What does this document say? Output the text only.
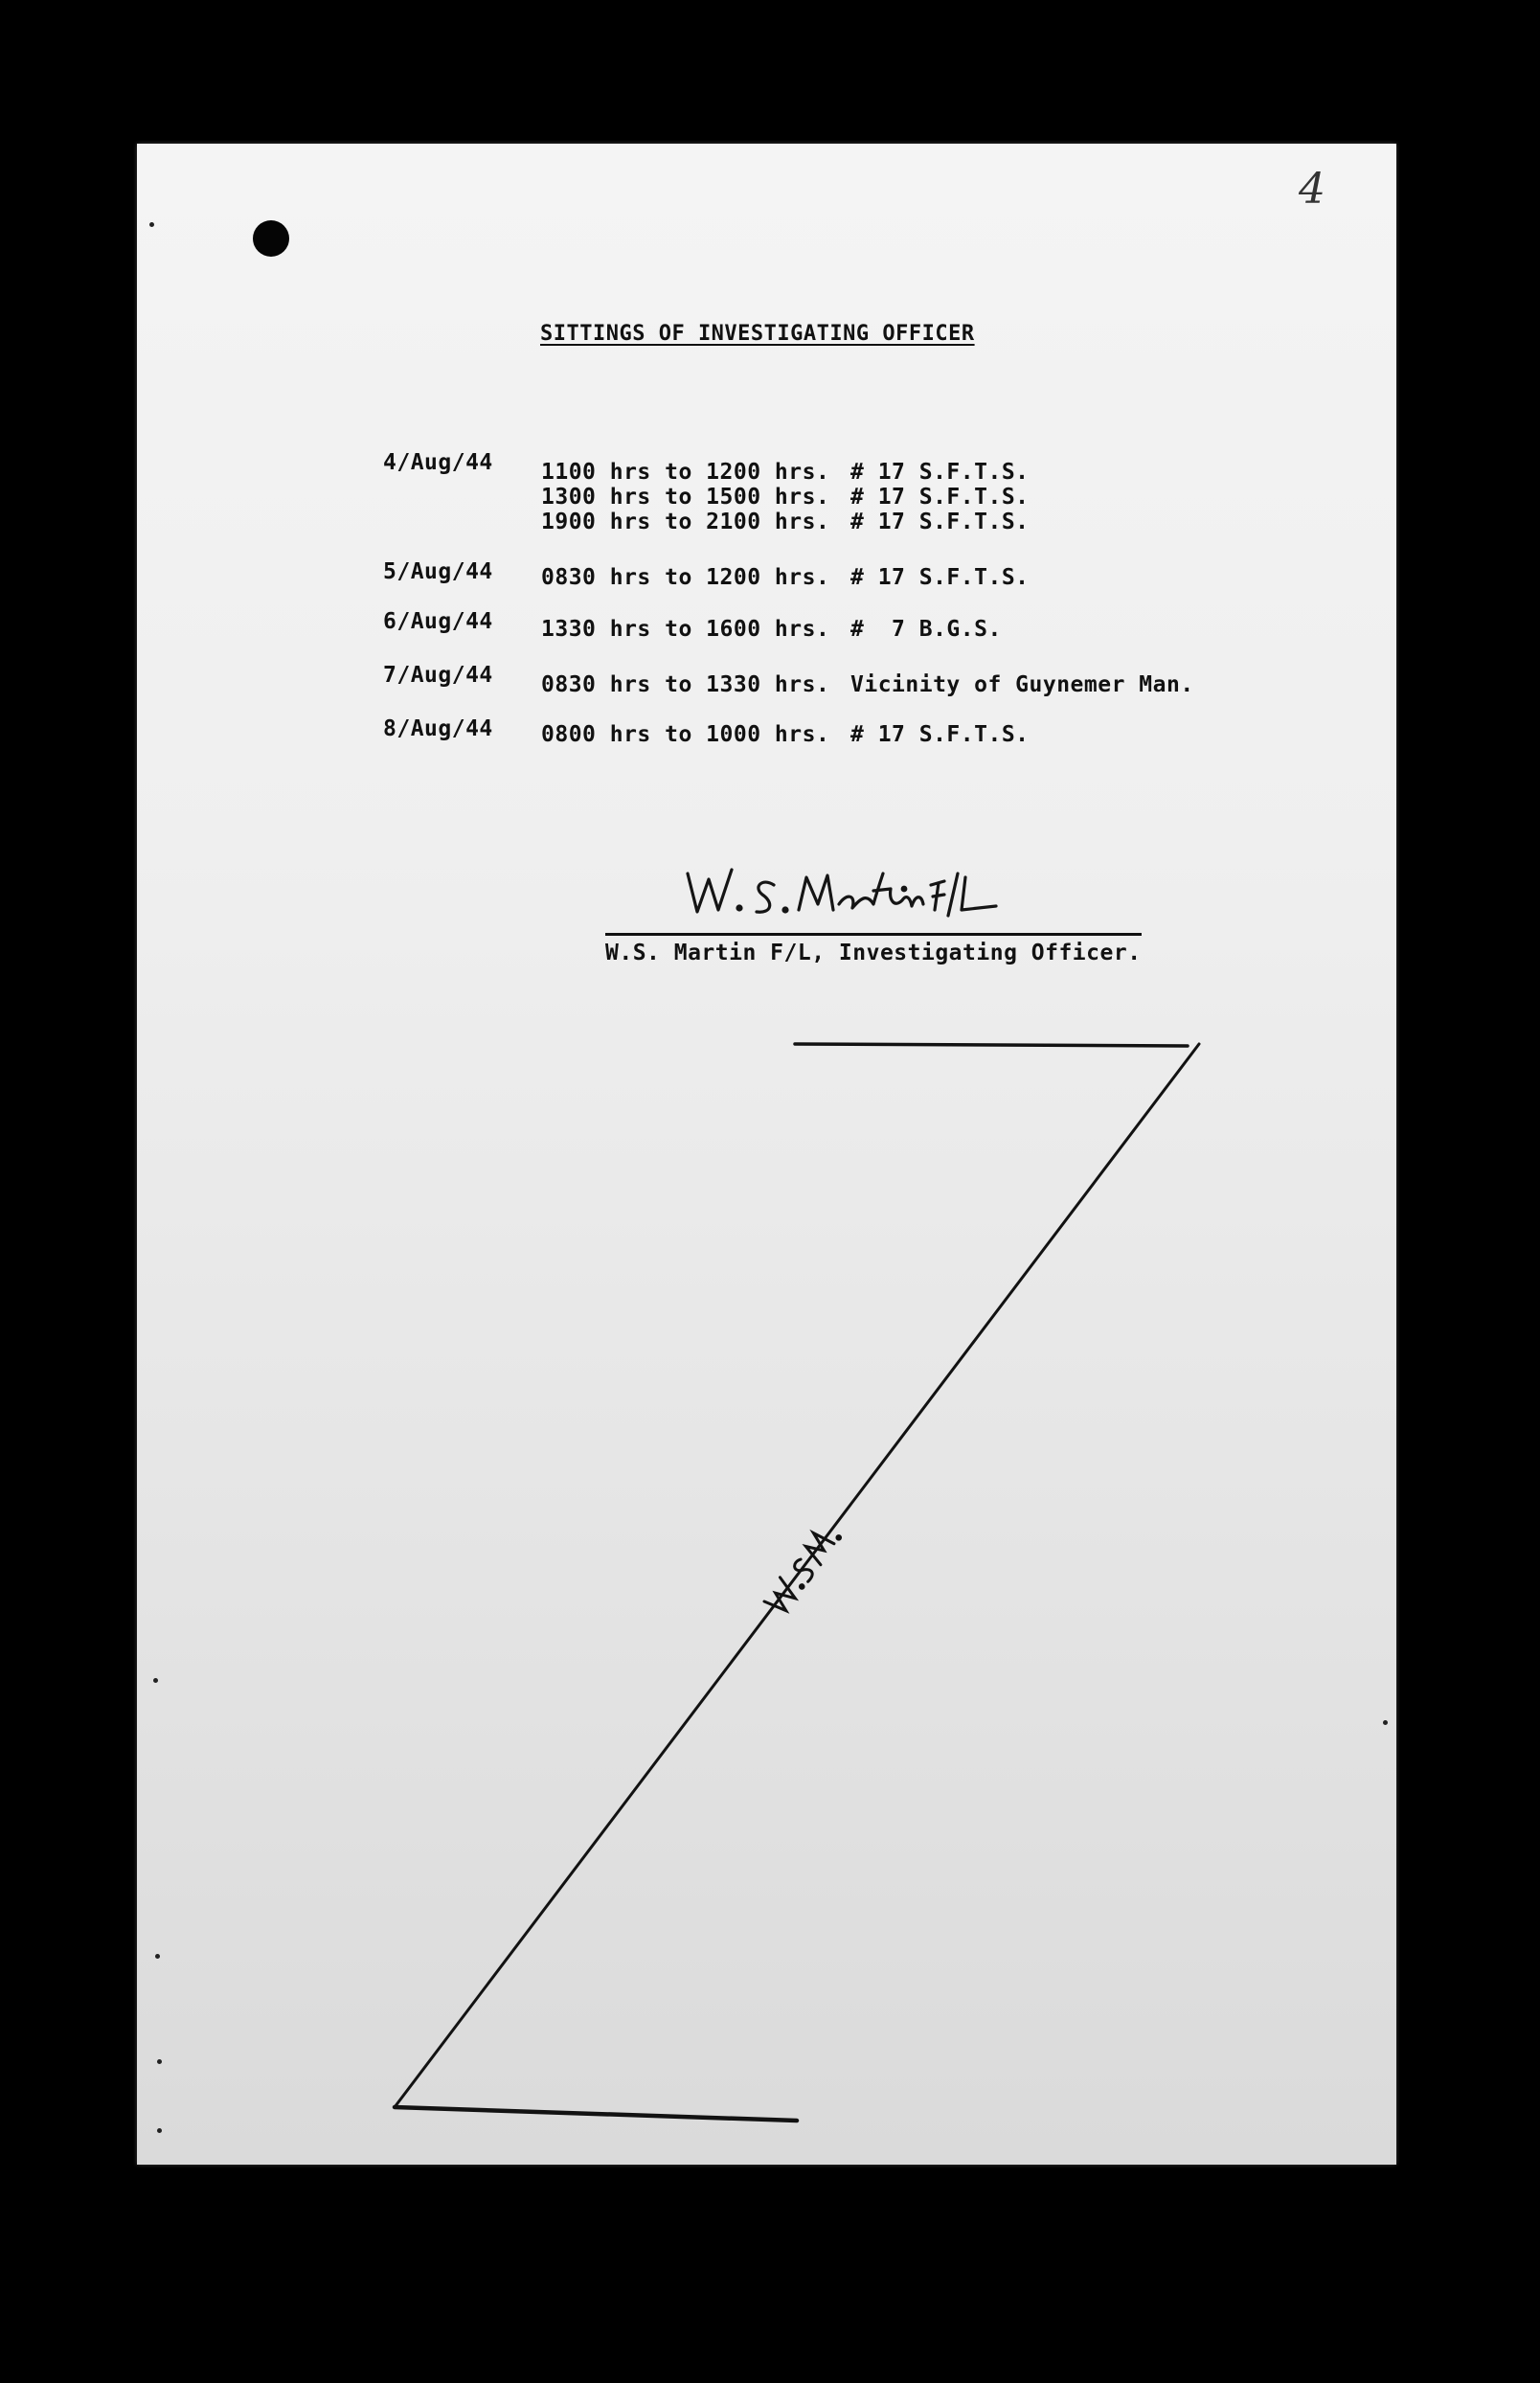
4
SITTINGS OF INVESTIGATING OFFICER
4/Aug/44 1100 hrs to 1200 hrs. # 17 S.F.T.S.
1300 hrs to 1500 hrs. # 17 S.F.T.S.
1900 hrs to 2100 hrs. # 17 S.F.T.S.
5/Aug/44 0830 hrs to 1200 hrs. # 17 S.F.T.S.
6/Aug/44 1330 hrs to 1600 hrs. #  7 B.G.S.
7/Aug/44 0830 hrs to 1330 hrs. Vicinity of Guynemer Man.
8/Aug/44 0800 hrs to 1000 hrs. # 17 S.F.T.S.
W.S. Martin F/L, Investigating Officer.
